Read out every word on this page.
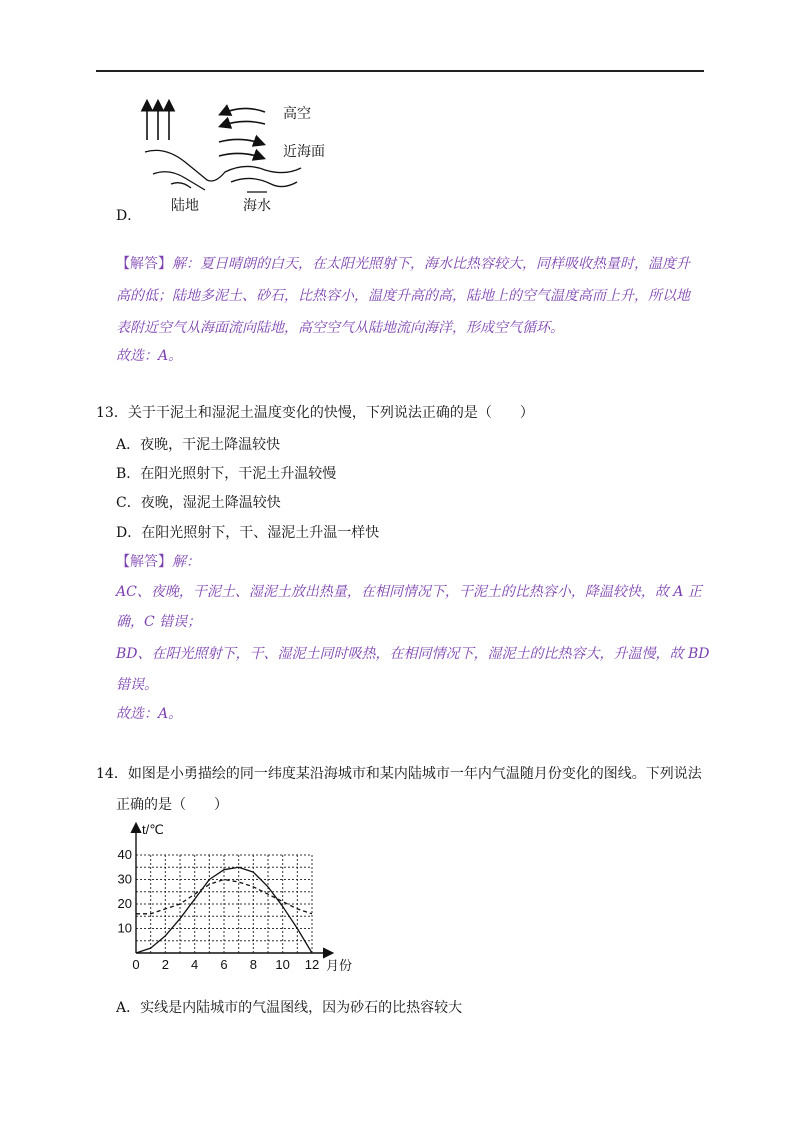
高空
近海面
陆地	海水
D．
【解答】解：夏日晴朗的白天，在太阳光照射下，海水比热容较大，同样吸收热量时，温度升
高的低；陆地多泥土、砂石，比热容小，温度升高的高，陆地上的空气温度高而上升，所以地
表附近空气从海面流向陆地，高空空气从陆地流向海洋，形成空气循环。
故选：A。
13．关于干泥土和湿泥土温度变化的快慢，下列说法正确的是（　　）
A．夜晚，干泥土降温较快
B．在阳光照射下，干泥土升温较慢
C．夜晚，湿泥土降温较快
D．在阳光照射下，干、湿泥土升温一样快
【解答】解：
AC、夜晚，干泥土、湿泥土放出热量，在相同情况下，干泥土的比热容小，降温较快，故 A 正
确，C 错误；
BD、在阳光照射下，干、湿泥土同时吸热，在相同情况下，湿泥土的比热容大，升温慢，故 BD
错误。
故选：A。
14．如图是小勇描绘的同一纬度某沿海城市和某内陆城市一年内气温随月份变化的图线。下列说法
正确的是（　　）
0 2 4 6 8 10 12
10
20
30
40
t/℃
月份
A．实线是内陆城市的气温图线，因为砂石的比热容较大
